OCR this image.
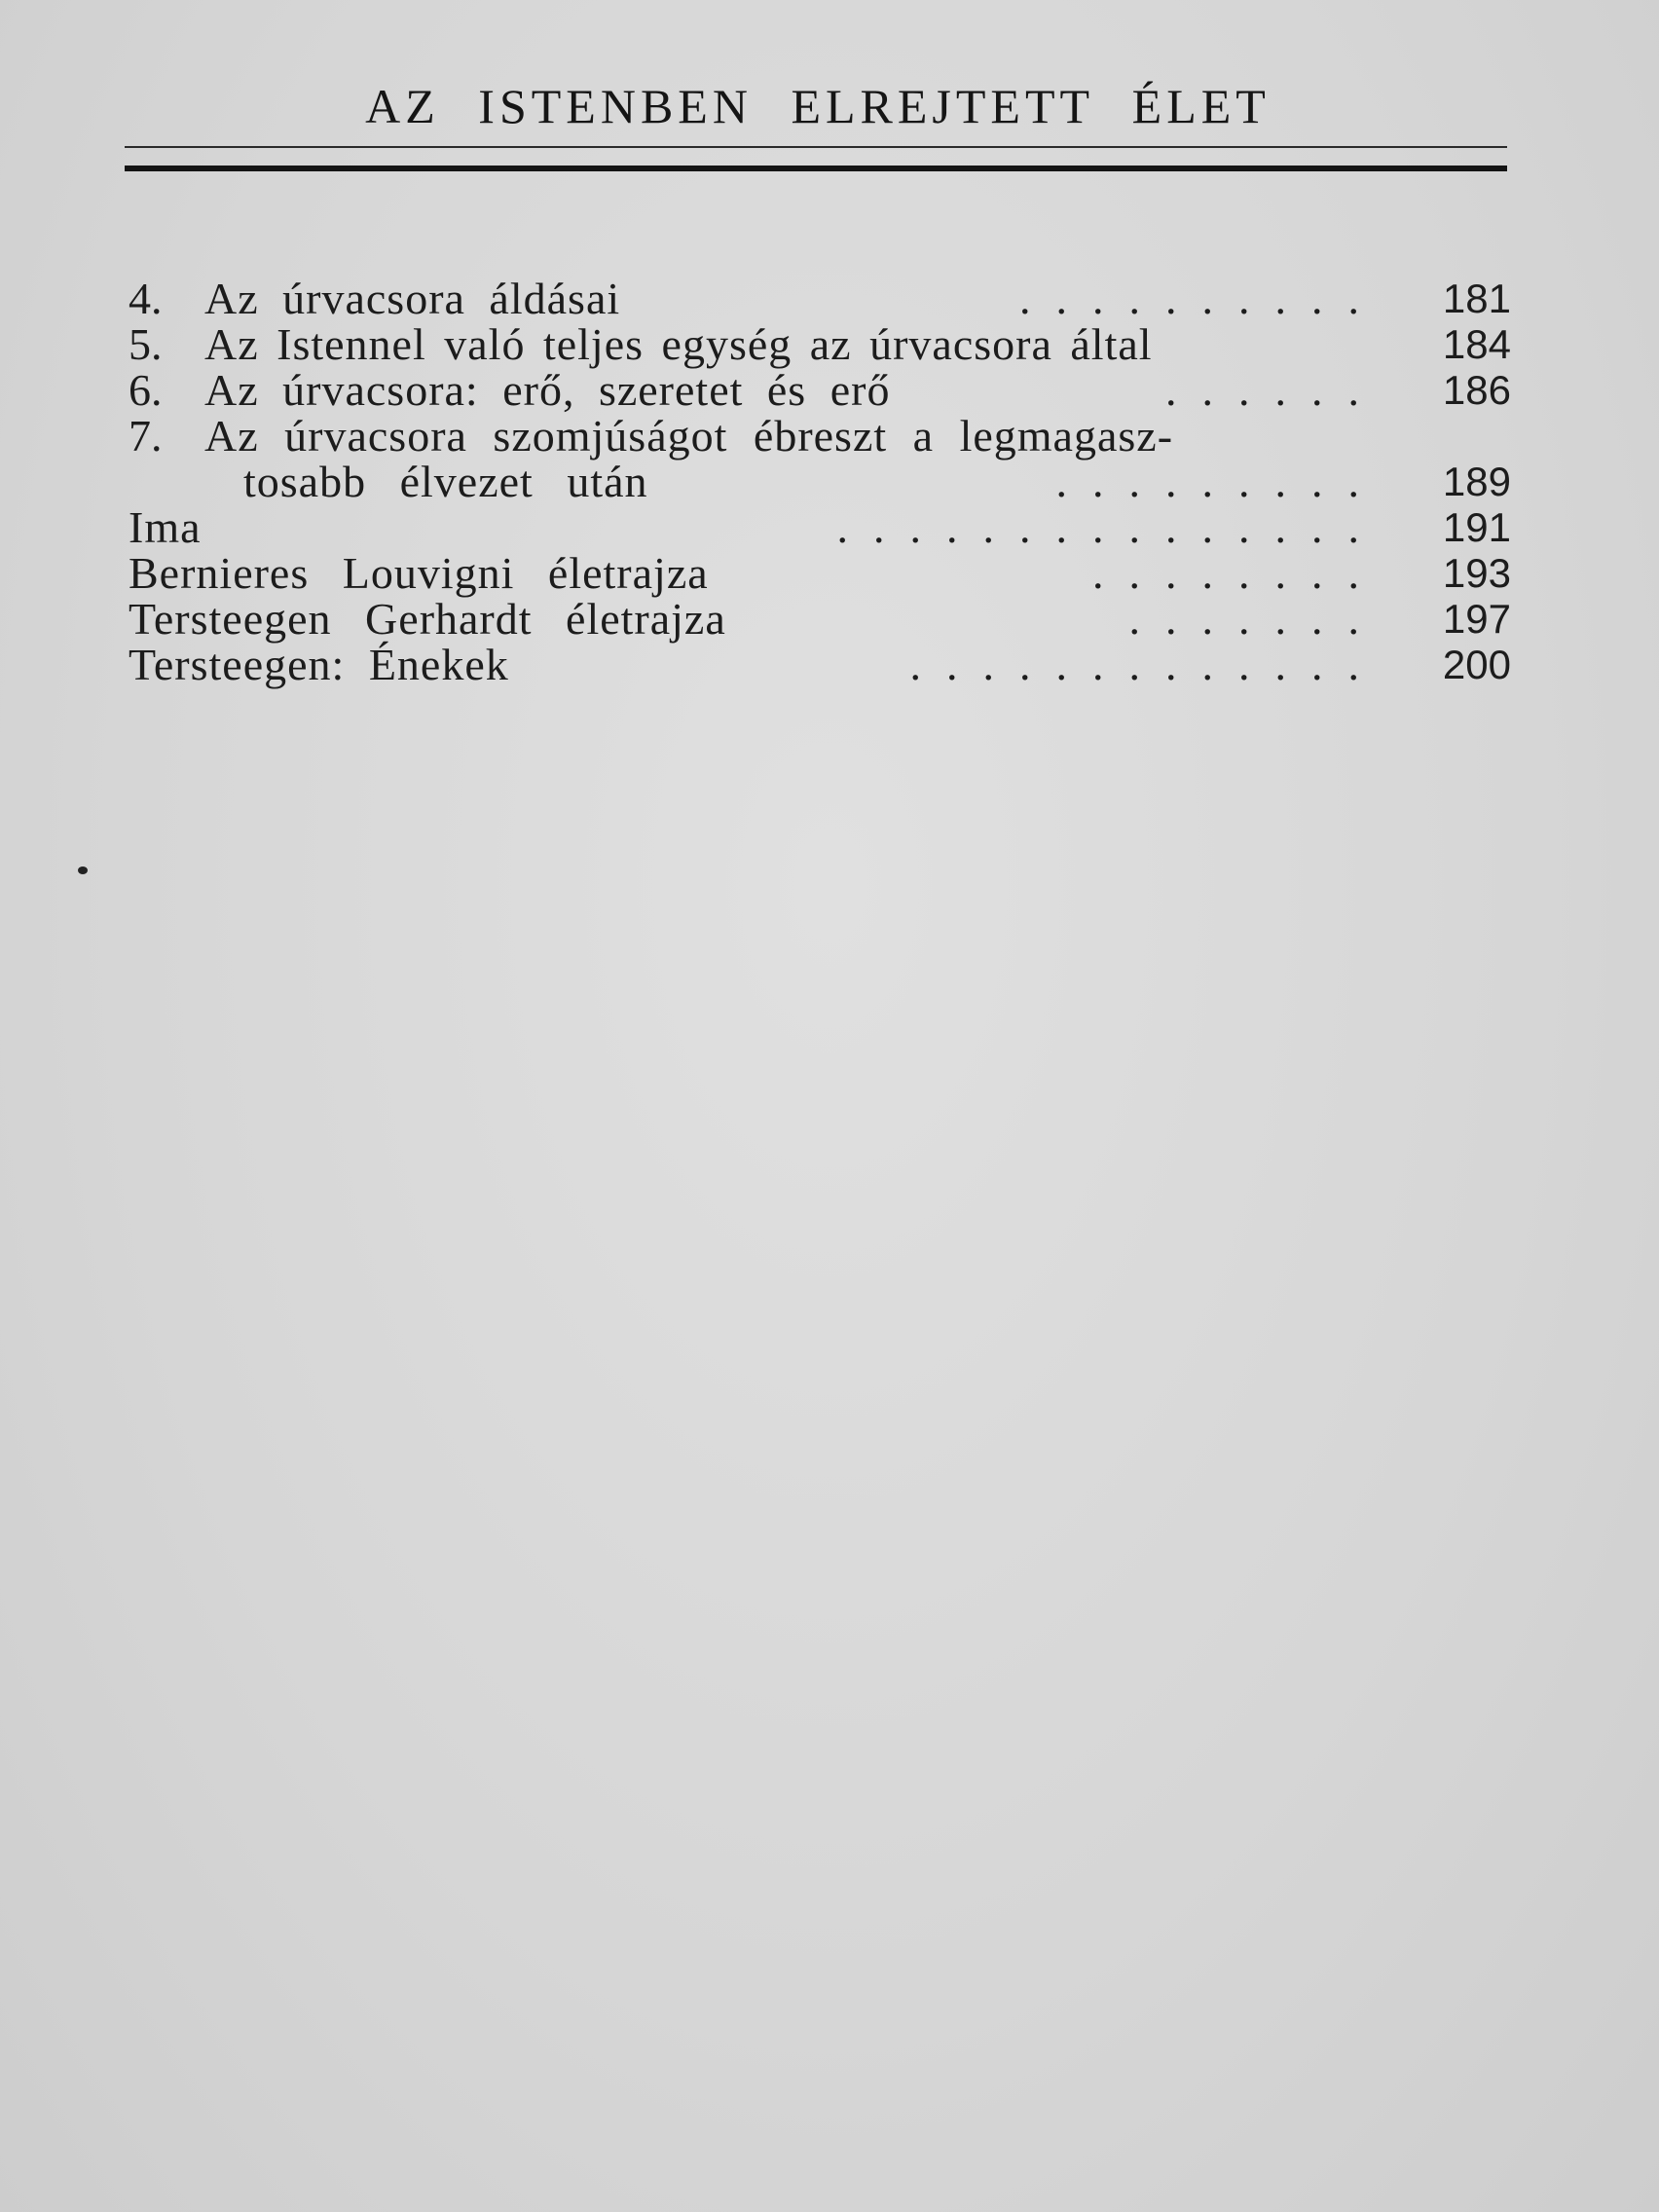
AZ ISTENBEN ELREJTETT ÉLET
4. Az úrvacsora áldásai	..........	181
5. Az Istennel való teljes egység az úrvacsora által	184
6. Az úrvacsora: erő, szeretet és erő	......	186
7. Az úrvacsora szomjúságot ébreszt a legmagasz-
tosabb élvezet után	.........	189
Ima	...............	191
Bernieres Louvigni életrajza	........	193
Tersteegen Gerhardt életrajza	.......	197
Tersteegen: Énekek	.............	200
